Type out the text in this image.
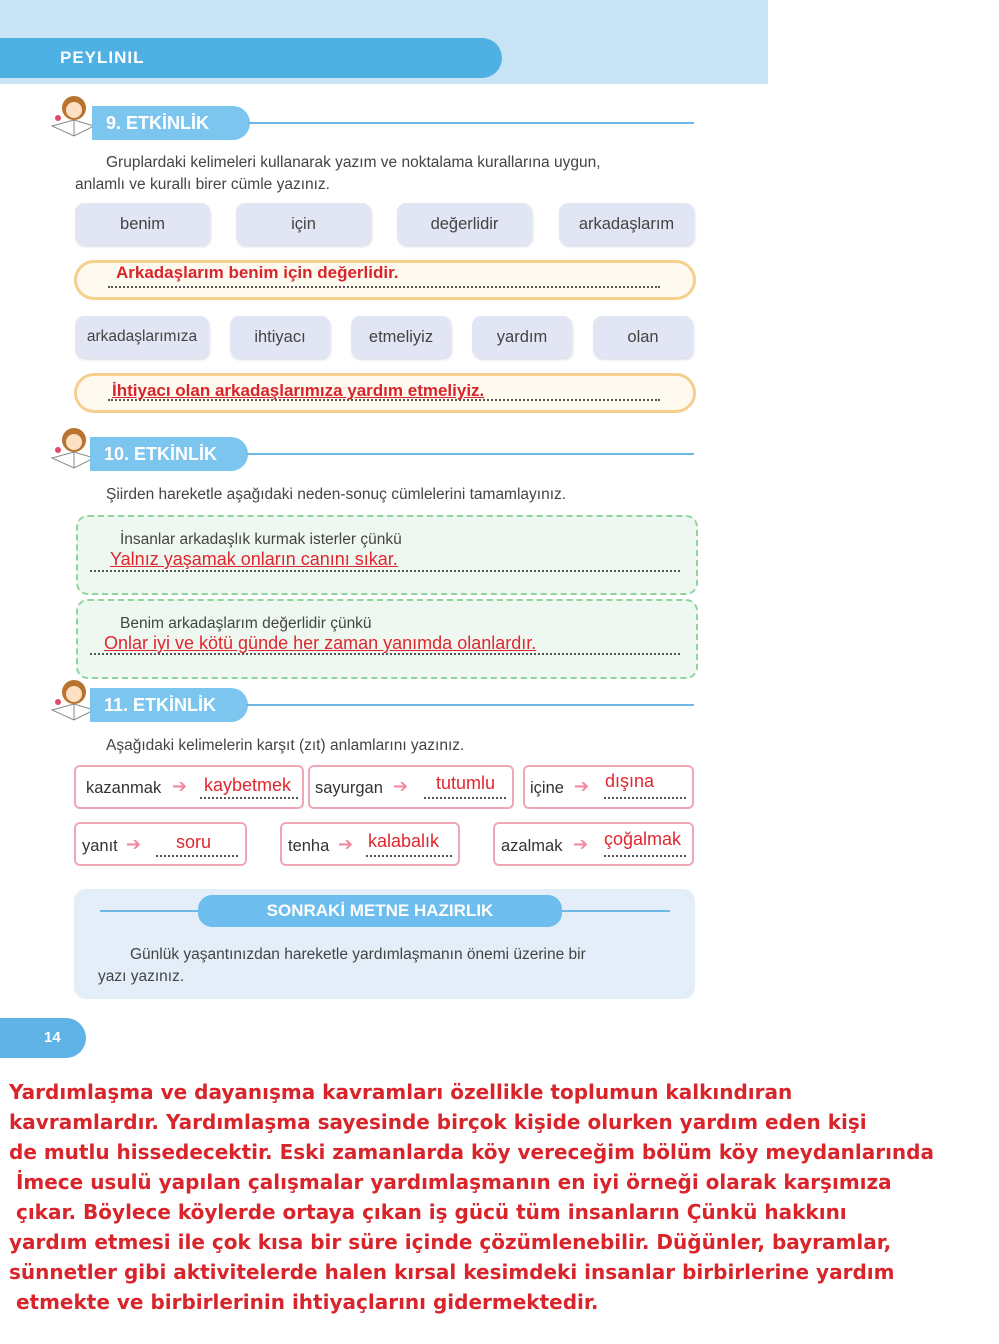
PEYLINIL
9. ETKİNLİK
Gruplardaki kelimeleri kullanarak yazım ve noktalama kurallarına uygun,
anlamlı ve kurallı birer cümle yazınız.
benim	için	değerlidir	arkadaşlarım
Arkadaşlarım benim için değerlidir.
arkadaşlarımıza	ihtiyacı	etmeliyiz	yardım	olan
İhtiyacı olan arkadaşlarımıza yardım etmeliyiz.
10. ETKİNLİK
Şiirden hareketle aşağıdaki neden-sonuç cümlelerini tamamlayınız.
İnsanlar arkadaşlık kurmak isterler çünkü
Yalnız yaşamak onların canını sıkar.
Benim arkadaşlarım değerlidir çünkü
Onlar iyi ve kötü günde her zaman yanımda olanlardır.
11. ETKİNLİK
Aşağıdaki kelimelerin karşıt (zıt) anlamlarını yazınız.
kazanmak ➔ kaybetmek sayurgan ➔ tutumlu içine ➔ dışına
yanıt ➔ soru	tenha ➔ kalabalık	azalmak ➔ çoğalmak
SONRAKİ METNE HAZIRLIK
Günlük yaşantınızdan hareketle yardımlaşmanın önemi üzerine bir
yazı yazınız.
14
Yardımlaşma ve dayanışma kavramları özellikle toplumun kalkındıran
kavramlardır. Yardımlaşma sayesinde birçok kişide olurken yardım eden kişi
de mutlu hissedecektir. Eski zamanlarda köy vereceğim bölüm köy meydanlarında
İmece usulü yapılan çalışmalar yardımlaşmanın en iyi örneği olarak karşımıza
çıkar. Böylece köylerde ortaya çıkan iş gücü tüm insanların Çünkü hakkını
yardım etmesi ile çok kısa bir süre içinde çözümlenebilir. Düğünler, bayramlar,
sünnetler gibi aktivitelerde halen kırsal kesimdeki insanlar birbirlerine yardım
etmekte ve birbirlerinin ihtiyaçlarını gidermektedir.
